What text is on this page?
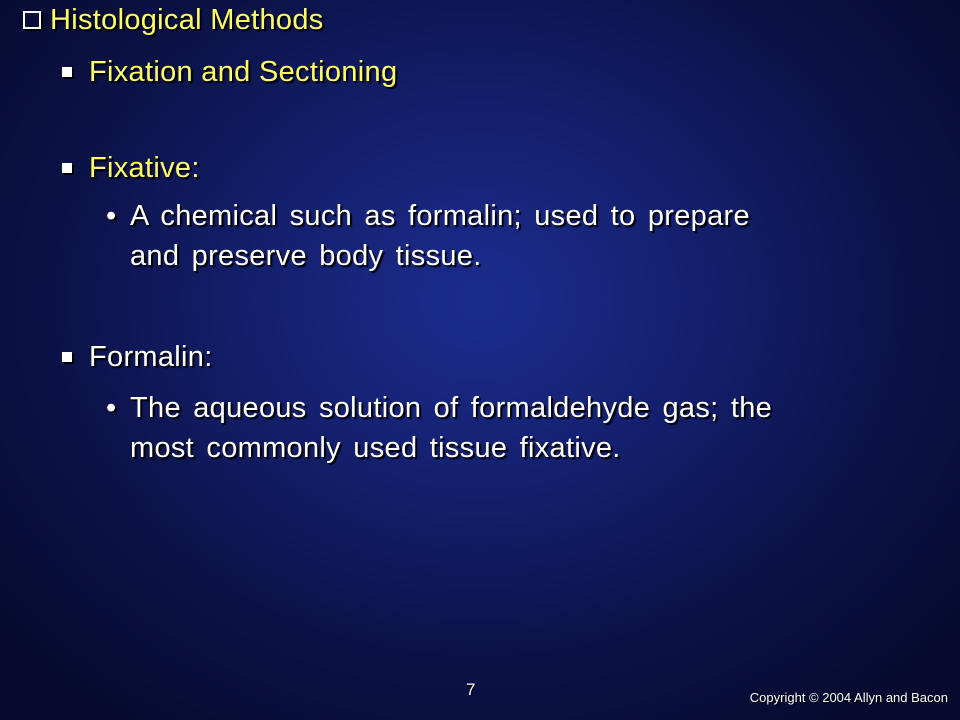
Histological Methods
Fixation and Sectioning
Fixative:
• A chemical such as formalin; used to prepare
and preserve body tissue.
Formalin:
• The aqueous solution of formaldehyde gas; the
most commonly used tissue fixative.
7	Copyright © 2004 Allyn and Bacon
